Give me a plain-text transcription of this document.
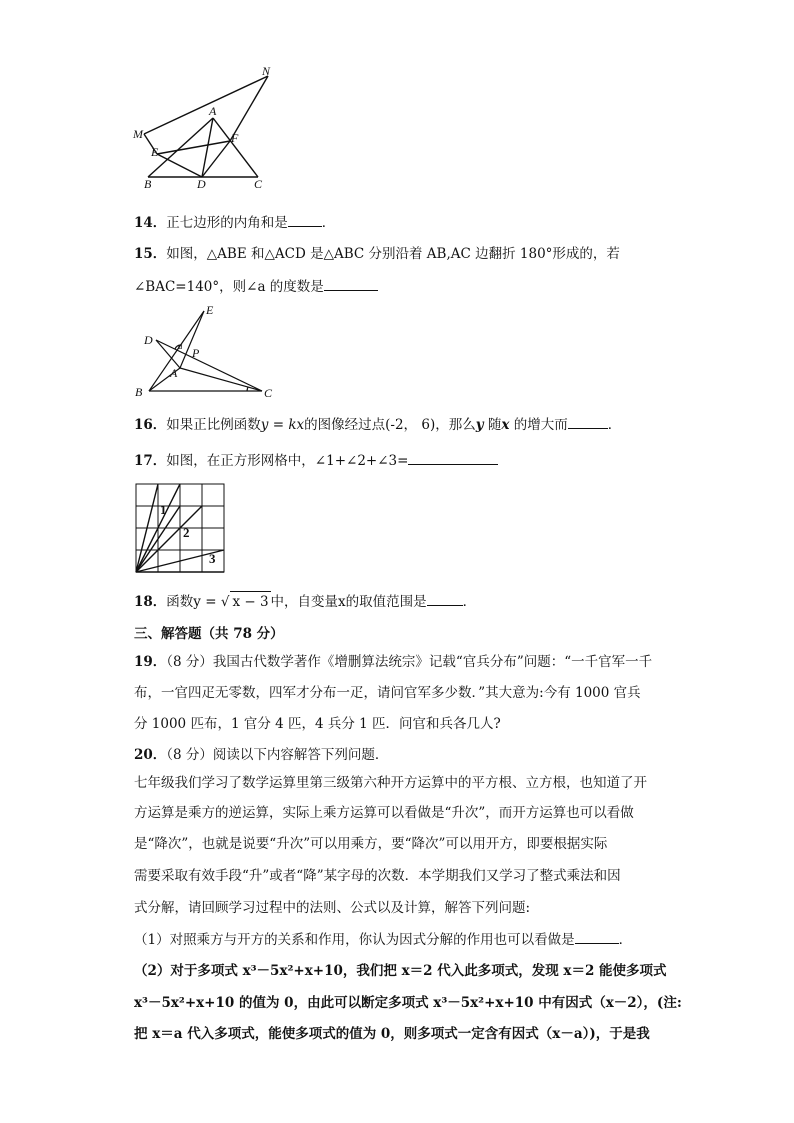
N
A
M	F
E
B	D	C
14．正七边形的内角和是	．
15．如图，△ABE 和△ACD 是△ABC 分别沿着 AB,AC 边翻折 180°形成的，若
∠BAC=140°，则∠a 的度数是
E
D	a P
A
B	C
16．如果正比例函数y = kx的图像经过点(-2， 6)，那么y 随x 的增大而	．
17．如图，在正方形网格中，∠1+∠2+∠3=
1
2
3
18．函数y = √ x − 3 中，自变量x的取值范围是	．
三、解答题（共 78 分）
19．（8 分）我国古代数学著作《增删算法统宗》记载“官兵分布”问题：“一千官军一千
布，一官四疋无零数，四军才分布一疋，请问官军多少数．”其大意为:今有 1000 官兵
分 1000 匹布，1 官分 4 匹，4 兵分 1 匹．问官和兵各几人?
20．（8 分）阅读以下内容解答下列问题．
七年级我们学习了数学运算里第三级第六种开方运算中的平方根、立方根，也知道了开
方运算是乘方的逆运算，实际上乘方运算可以看做是“升次”，而开方运算也可以看做
是“降次”，也就是说要“升次”可以用乘方，要“降次”可以用开方，即要根据实际
需要采取有效手段“升”或者“降”某字母的次数．本学期我们又学习了整式乘法和因
式分解，请回顾学习过程中的法则、公式以及计算，解答下列问题:
（1）对照乘方与开方的关系和作用，你认为因式分解的作用也可以看做是	．
（2）对于多项式 x³－5x²+x+10，我们把 x＝2 代入此多项式，发现 x＝2 能使多项式
x³－5x²+x+10 的值为 0，由此可以断定多项式 x³－5x²+x+10 中有因式（x－2），(注:
把 x＝a 代入多项式，能使多项式的值为 0，则多项式一定含有因式（x－a）)，于是我
